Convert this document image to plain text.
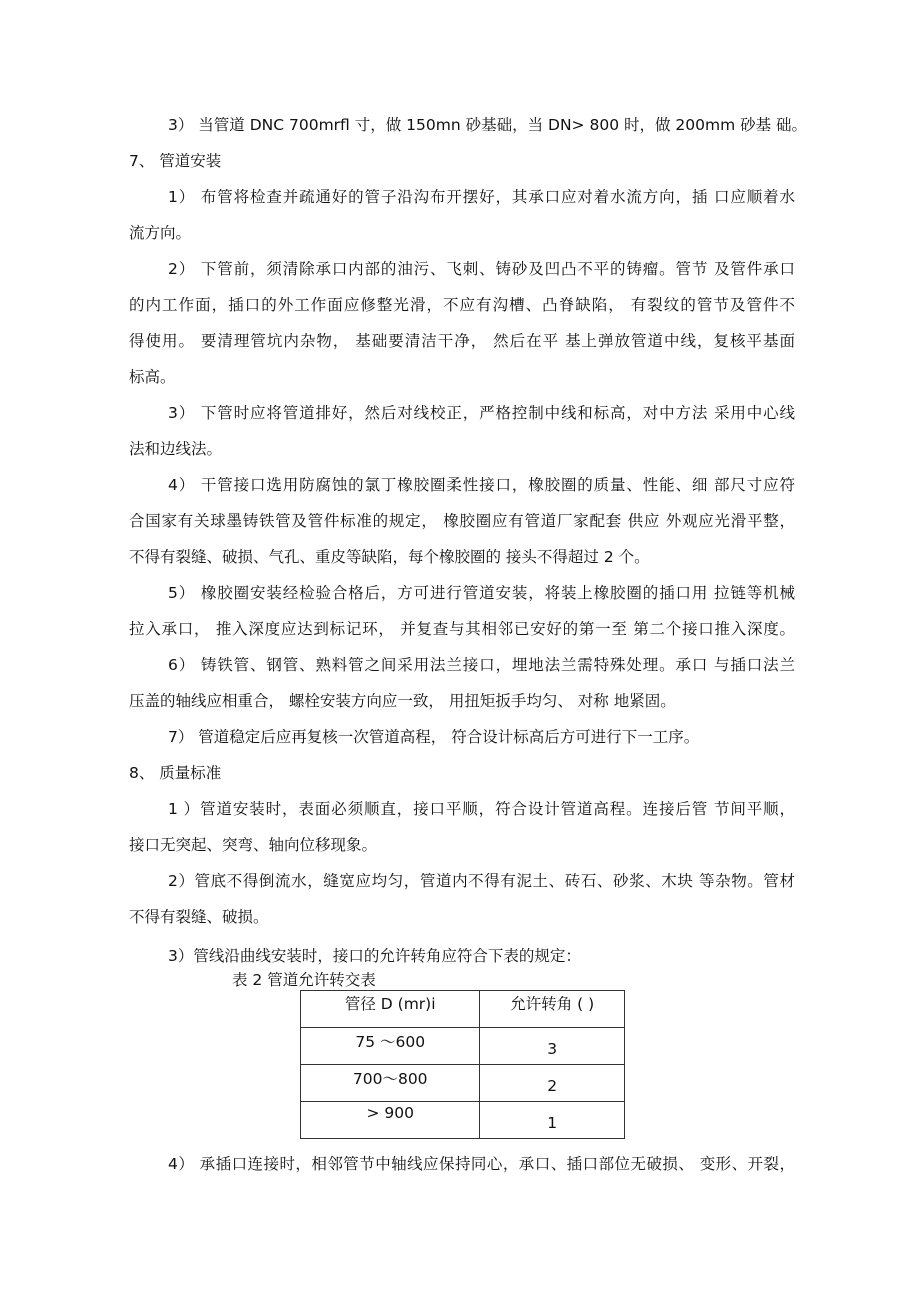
3） 当管道 DNC 700mrfl 寸，做 150mn 砂基础，当 DN> 800 时，做 200mm 砂基 础。
7、 管道安装
1） 布管将检查并疏通好的管子沿沟布开摆好，其承口应对着水流方向，插 口应顺着水
流方向。
2） 下管前，须清除承口内部的油污、飞刺、铸砂及凹凸不平的铸瘤。管节 及管件承口
的内工作面，插口的外工作面应修整光滑，不应有沟槽、凸脊缺陷， 有裂纹的管节及管件不
得使用。 要清理管坑内杂物， 基础要清洁干净， 然后在平 基上弹放管道中线，复核平基面
标高。
3） 下管时应将管道排好，然后对线校正，严格控制中线和标高，对中方法 采用中心线
法和边线法。
4） 干管接口选用防腐蚀的氯丁橡胶圈柔性接口，橡胶圈的质量、性能、细 部尺寸应符
合国家有关球墨铸铁管及管件标准的规定， 橡胶圈应有管道厂家配套 供应 外观应光滑平整，
不得有裂缝、破损、气孔、重皮等缺陷，每个橡胶圈的 接头不得超过 2 个。
5） 橡胶圈安装经检验合格后，方可进行管道安装，将装上橡胶圈的插口用 拉链等机械
拉入承口， 推入深度应达到标记环， 并复查与其相邻已安好的第一至 第二个接口推入深度。
6） 铸铁管、钢管、熟料管之间采用法兰接口，埋地法兰需特殊处理。承口 与插口法兰
压盖的轴线应相重合， 螺栓安装方向应一致， 用扭矩扳手均匀、 对称 地紧固。
7） 管道稳定后应再复核一次管道高程， 符合设计标高后方可进行下一工序。
8、 质量标准
1 ）管道安装时，表面必须顺直，接口平顺，符合设计管道高程。连接后管 节间平顺，
接口无突起、突弯、轴向位移现象。
2）管底不得倒流水，缝宽应均匀，管道内不得有泥土、砖石、砂浆、木块 等杂物。管材
不得有裂缝、破损。
3）管线沿曲线安装时，接口的允许转角应符合下表的规定：
表 2 管道允许转交表
管径 D (mr)i	允许转角 ( )

75 ～600	3

700～800	2

> 900	1
4） 承插口连接时，相邻管节中轴线应保持同心，承口、插口部位无破损、 变形、开裂，
